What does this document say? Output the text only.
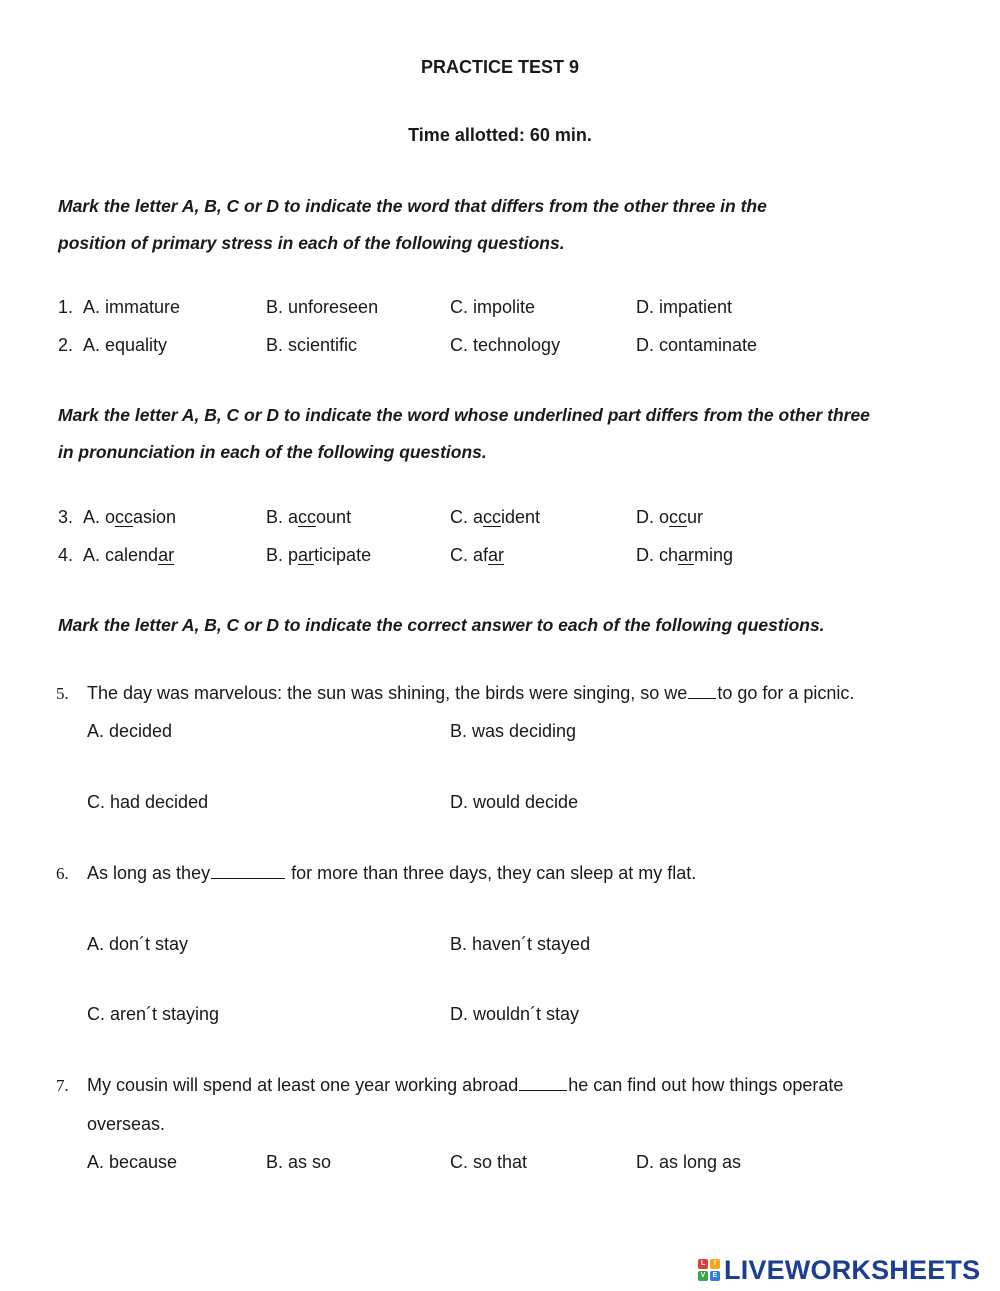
PRACTICE TEST 9
Time allotted: 60 min.
Mark the letter A, B, C or D to indicate the word that differs from the other three in the
position of primary stress in each of the following questions.
1. A. immature	B. unforeseen	C. impolite	D. impatient
2. A. equality	B. scientific	C. technology	D. contaminate
Mark the letter A, B, C or D to indicate the word whose underlined part differs from the other three
in pronunciation in each of the following questions.
3. A. occasion	B. account	C. accident	D. occur
4. A. calendar	B. participate	C. afar	D. charming
Mark the letter A, B, C or D to indicate the correct answer to each of the following questions.
5. The day was marvelous: the sun was shining, the birds were singing, so we to go for a picnic.
A. decided	B. was deciding
C. had decided	D. would decide
6. As long as they	for more than three days, they can sleep at my flat.
A. don´t stay	B. haven´t stayed
C. aren´t staying	D. wouldn´t stay
7. My cousin will spend at least one year working abroad	he can find out how things operate
overseas.
A. because	B. as so	C. so that	D. as long as
L	I
V	E LIVEWORKSHEETS
